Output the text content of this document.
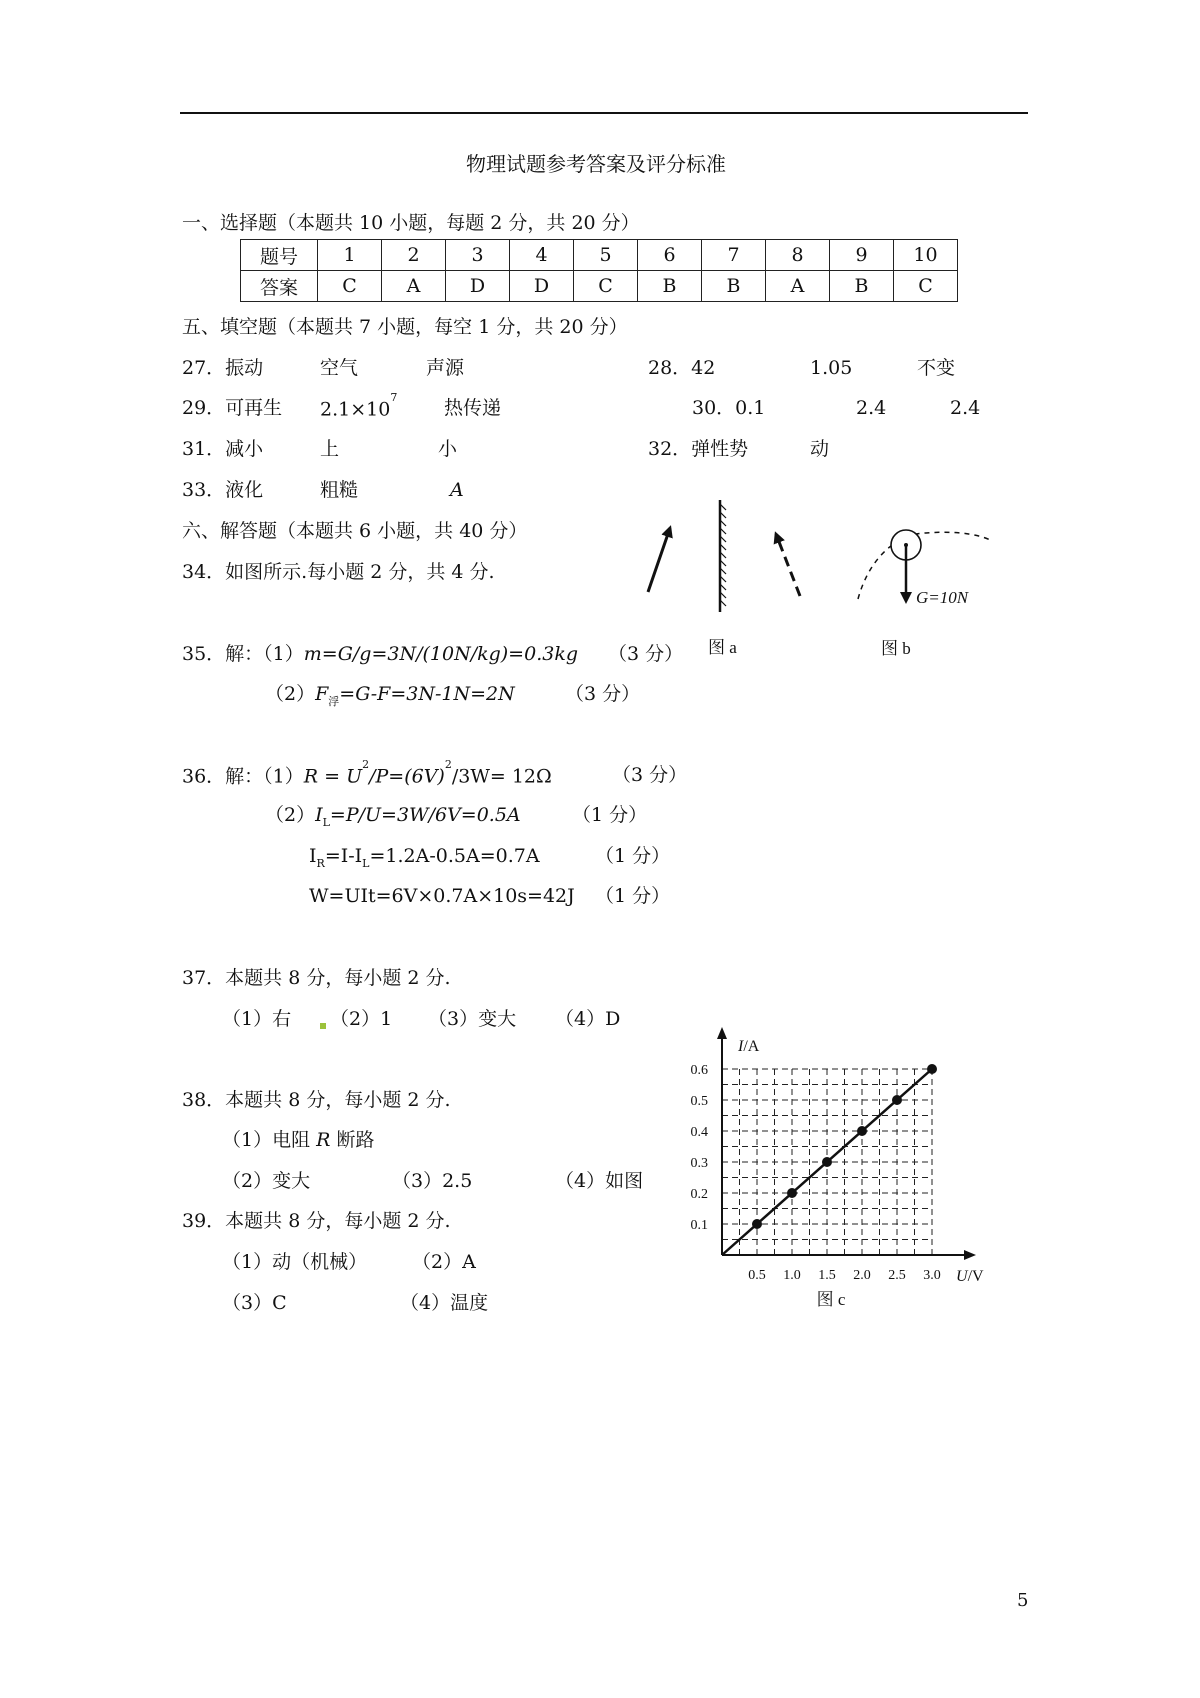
物理试题参考答案及评分标准
一、选择题（本题共 10 小题，每题 2 分，共 20 分）
题号	1	2	3	4	5	6	7	8	9	10
答案	C	A	D	D	C	B	B	A	B	C
五、填空题（本题共 7 小题，每空 1 分，共 20 分）
27．振动	空气	声源	28．42	1.05	不变
29．可再生 $2.1\times 10^7$ 热传递	30．0.1	2.4	2.4
31．减小	上	小	32．弹性势	动
33．液化	粗糙	A
六、解答题（本题共 6 小题，共 40 分）
34．如图所示.每小题 2 分，共 4 分.
图 a
G=10N
图 b
35．解：（1）m=G/g=3N/(10N/kg)=0.3kg （3 分）
$(2)F_浮=G-F=3N-1N=2N$	（3 分）
36．解：$(1)R = U^2/P=(6V)^2/3W= 12\Omega$	（3 分）
$(2)I_L=P/U=3W/6V=0.5A$	（1 分）
$I_R=I-I_L=1.2A-0.5A=0.7A$	（1 分）
W=UIt=6V×0.7A×10s=42J （1 分）
37．本题共 8 分，每小题 2 分.
（1）右 （2）1 （3）变大 （4）D
38．本题共 8 分，每小题 2 分.
（1）电阻 R 断路
（2）变大	（3）2.5	（4）如图
39．本题共 8 分，每小题 2 分.
（1）动（机械） （2）A
（3）C	（4）温度
0.5 1.0 1.5 2.0 2.5 3.0
0.1
0.2
0.3
0.4
0.5
0.6
U/V
I/A
图 c
5
